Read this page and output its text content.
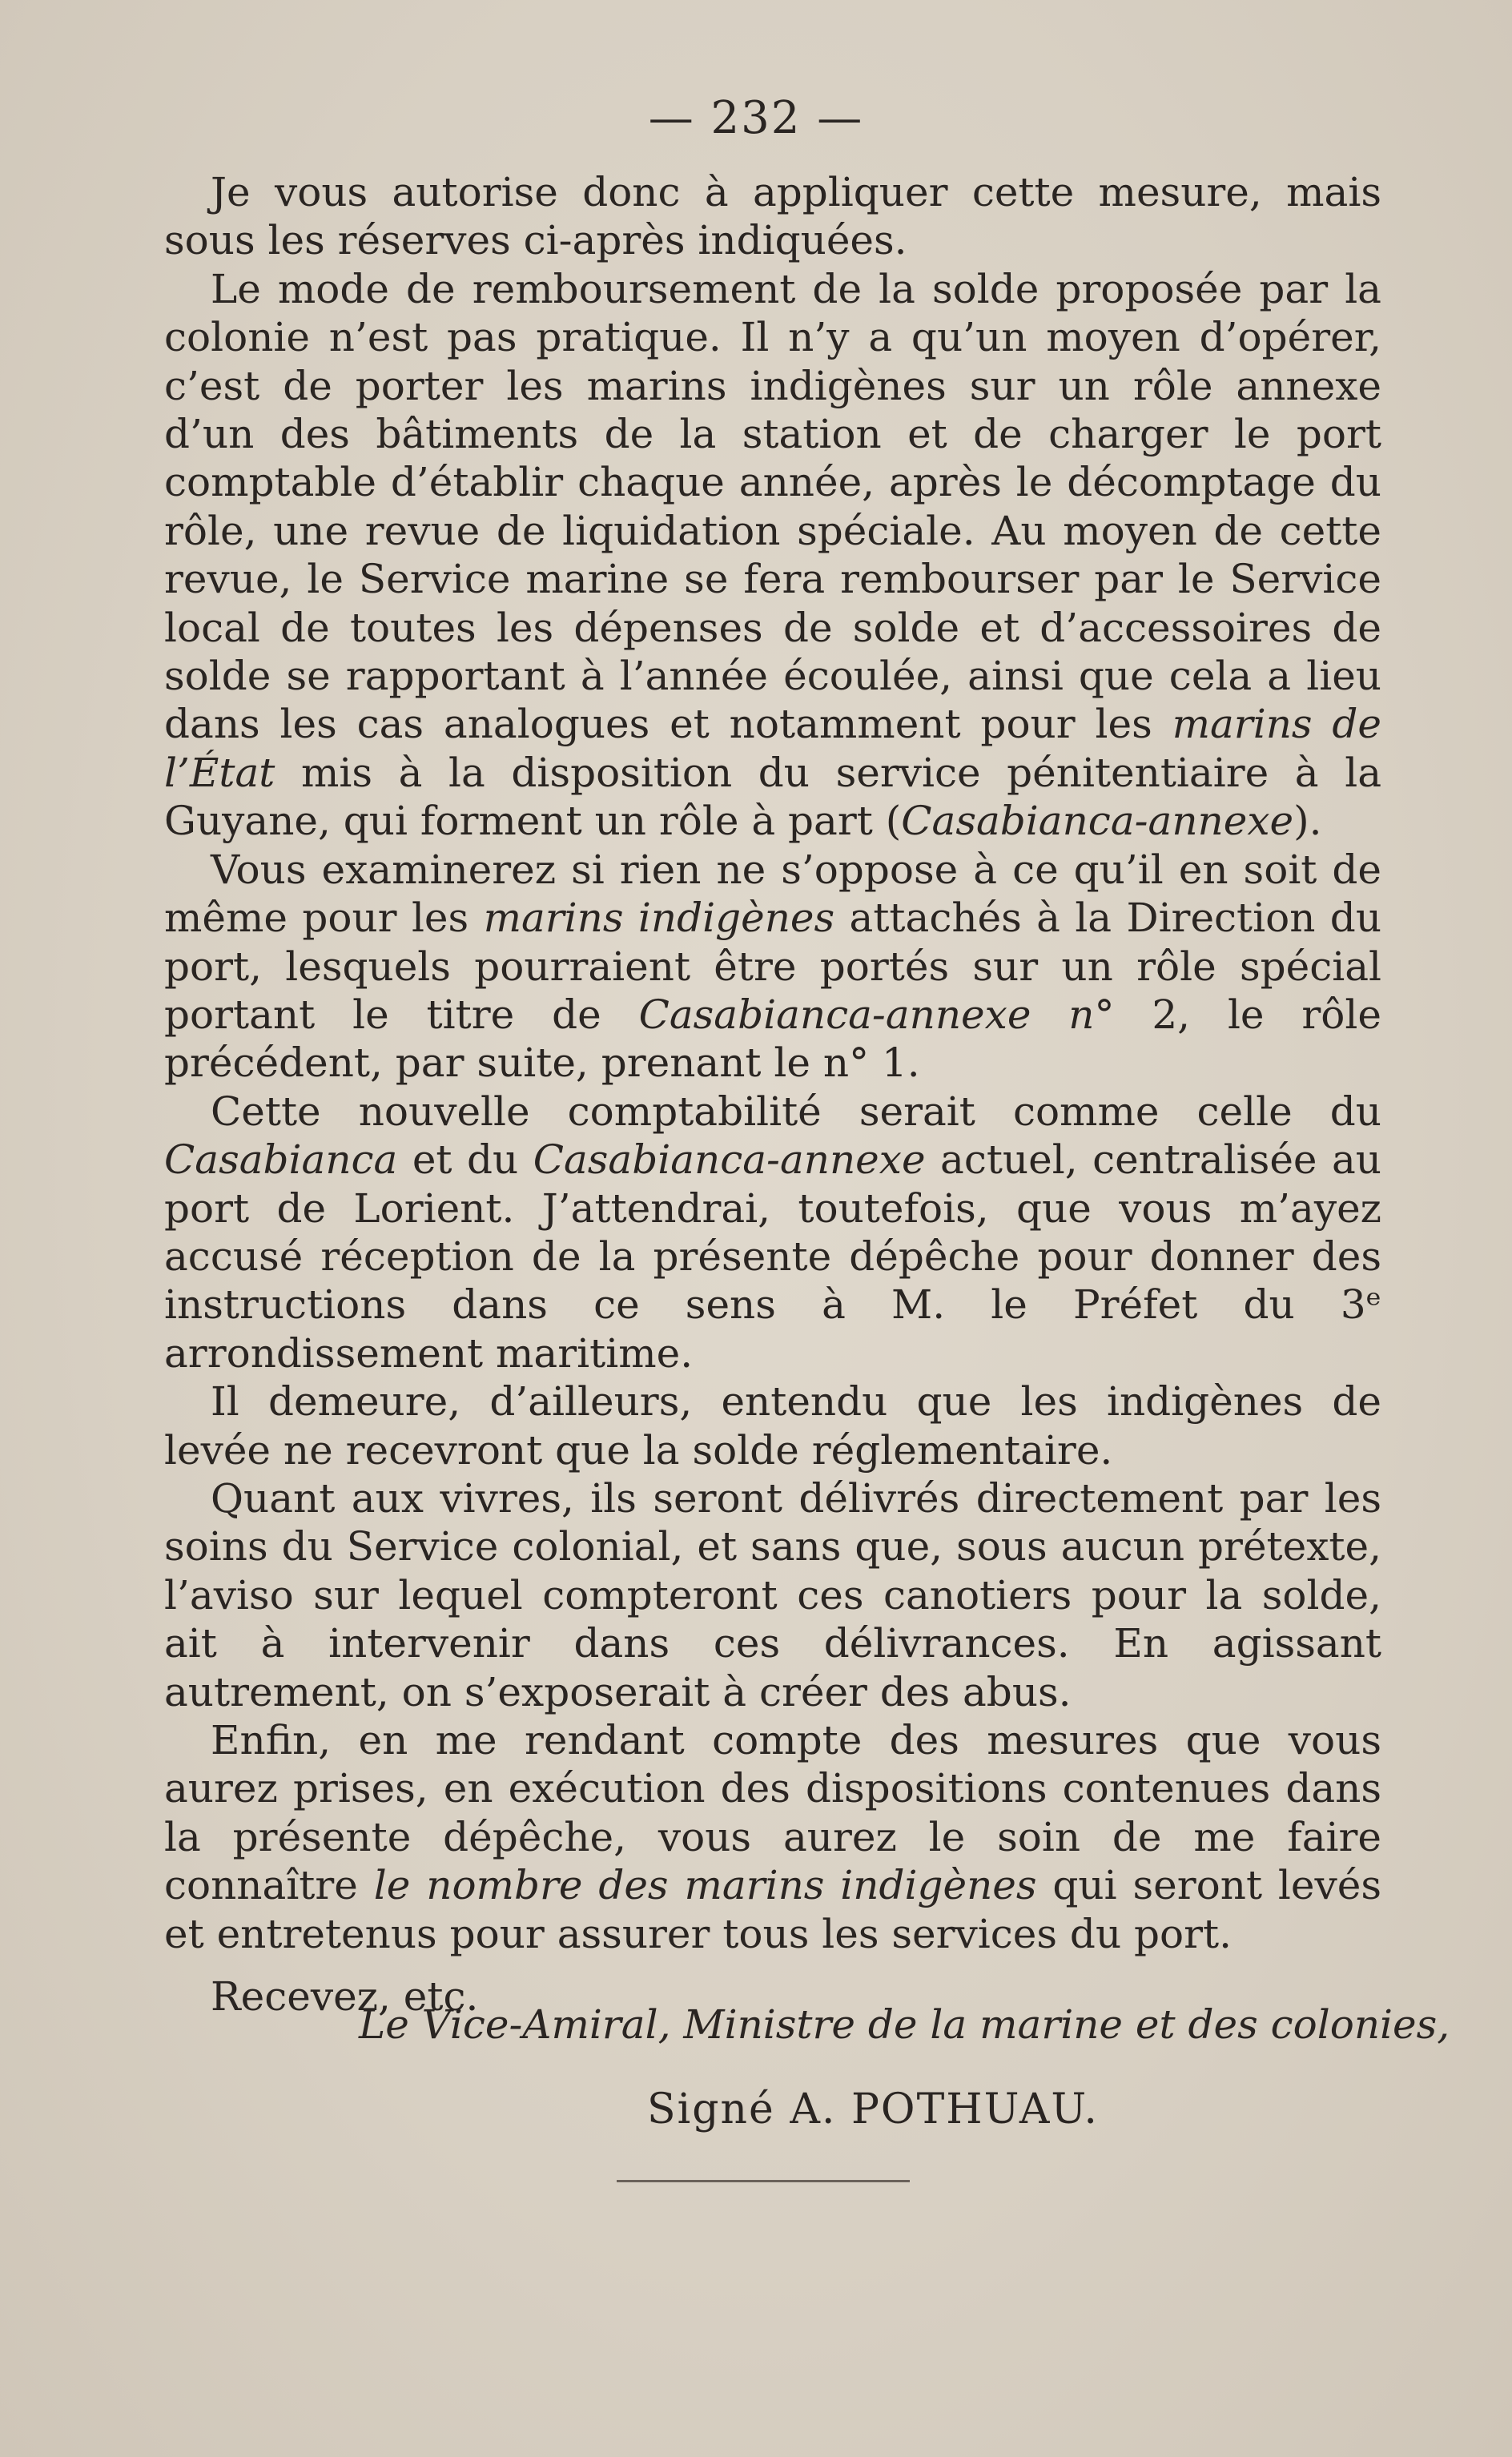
— 232 —

Je vous autorise donc à appliquer cette mesure, mais sous les réserves ci-après indiquées.

Le mode de remboursement de la solde proposée par la colonie n’est pas pratique. Il n’y a qu’un moyen d’opérer, c’est de porter les marins indigènes sur un rôle annexe d’un des bâtiments de la station et de charger le port comptable d’établir chaque année, après le décomptage du rôle, une revue de liquidation spéciale. Au moyen de cette revue, le Service marine se fera rembourser par le Service local de toutes les dépenses de solde et d’accessoires de solde se rapportant à l’année écoulée, ainsi que cela a lieu dans les cas analogues et notamment pour les marins de l’État mis à la disposition du service pénitentiaire à la Guyane, qui forment un rôle à part (Casabianca-annexe).

Vous examinerez si rien ne s’oppose à ce qu’il en soit de même pour les marins indigènes attachés à la Direction du port, lesquels pourraient être portés sur un rôle spécial portant le titre de Casabianca-annexe n° 2, le rôle précédent, par suite, prenant le n° 1.

Cette nouvelle comptabilité serait comme celle du Casabianca et du Casabianca-annexe actuel, centralisée au port de Lorient. J’attendrai, toutefois, que vous m’ayez accusé réception de la présente dépêche pour donner des instructions dans ce sens à M. le Préfet du 3ᵉ arrondissement maritime.

Il demeure, d’ailleurs, entendu que les indigènes de levée ne recevront que la solde réglementaire.

Quant aux vivres, ils seront délivrés directement par les soins du Service colonial, et sans que, sous aucun prétexte, l’aviso sur lequel compteront ces canotiers pour la solde, ait à intervenir dans ces délivrances. En agissant autrement, on s’exposerait à créer des abus.

Enfin, en me rendant compte des mesures que vous aurez prises, en exécution des dispositions contenues dans la présente dépêche, vous aurez le soin de me faire connaître le nombre des marins indigènes qui seront levés et entretenus pour assurer tous les services du port.

Recevez, etc.

Le Vice-Amiral, Ministre de la marine et des colonies,
Signé A. POTHUAU.
